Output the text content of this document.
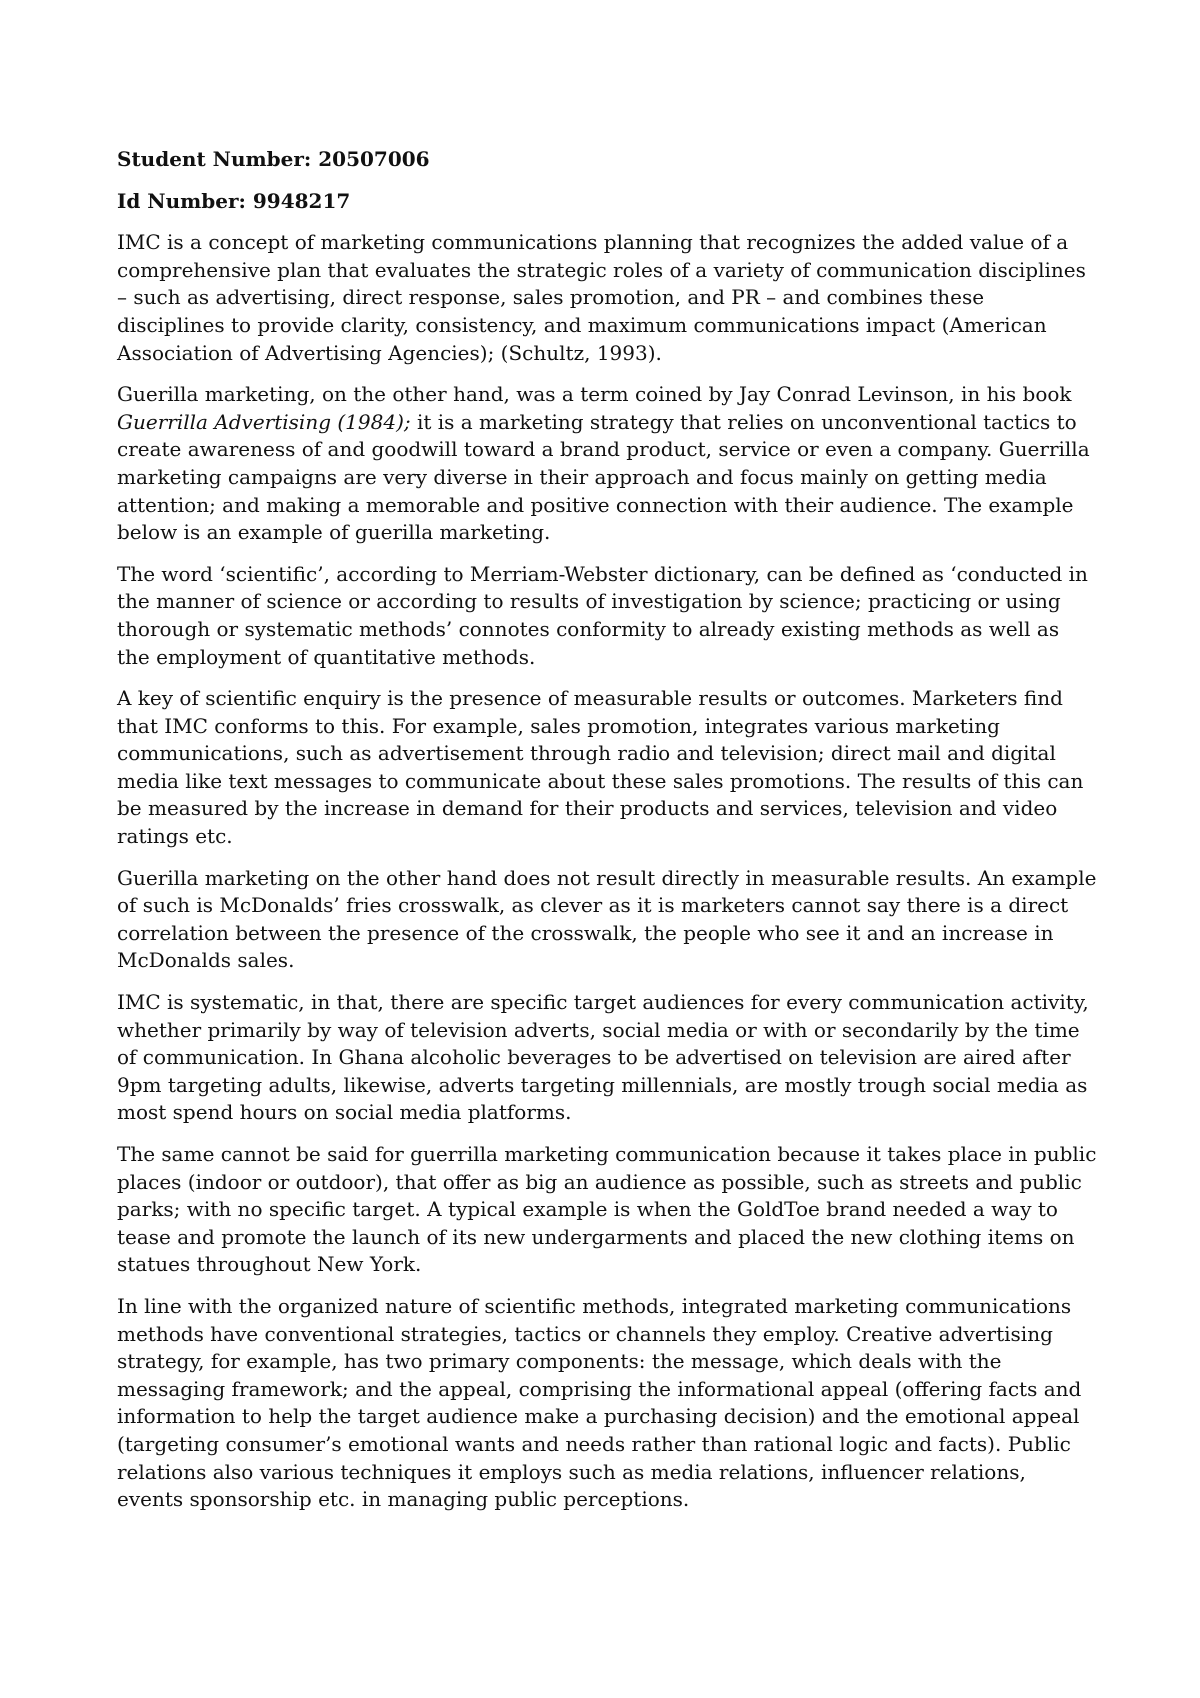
Student Number: 20507006

Id Number: 9948217

IMC is a concept of marketing communications planning that recognizes the added value of a comprehensive plan that evaluates the strategic roles of a variety of communication disciplines – such as advertising, direct response, sales promotion, and PR – and combines these disciplines to provide clarity, consistency, and maximum communications impact (American Association of Advertising Agencies); (Schultz, 1993).

Guerilla marketing, on the other hand, was a term coined by Jay Conrad Levinson, in his book Guerrilla Advertising (1984); it is a marketing strategy that relies on unconventional tactics to create awareness of and goodwill toward a brand product, service or even a company. Guerrilla marketing campaigns are very diverse in their approach and focus mainly on getting media attention; and making a memorable and positive connection with their audience. The example below is an example of guerilla marketing.

The word ‘scientific’, according to Merriam-Webster dictionary, can be defined as ‘conducted in the manner of science or according to results of investigation by science; practicing or using thorough or systematic methods’ connotes conformity to already existing methods as well as the employment of quantitative methods.

A key of scientific enquiry is the presence of measurable results or outcomes. Marketers find that IMC conforms to this. For example, sales promotion, integrates various marketing communications, such as advertisement through radio and television; direct mail and digital media like text messages to communicate about these sales promotions. The results of this can be measured by the increase in demand for their products and services, television and video ratings etc.

Guerilla marketing on the other hand does not result directly in measurable results. An example of such is McDonalds’ fries crosswalk, as clever as it is marketers cannot say there is a direct correlation between the presence of the crosswalk, the people who see it and an increase in McDonalds sales.

IMC is systematic, in that, there are specific target audiences for every communication activity, whether primarily by way of television adverts, social media or with or secondarily by the time of communication. In Ghana alcoholic beverages to be advertised on television are aired after 9pm targeting adults, likewise, adverts targeting millennials, are mostly trough social media as most spend hours on social media platforms.

The same cannot be said for guerrilla marketing communication because it takes place in public places (indoor or outdoor), that offer as big an audience as possible, such as streets and public parks; with no specific target. A typical example is when the GoldToe brand needed a way to tease and promote the launch of its new undergarments and placed the new clothing items on statues throughout New York.

In line with the organized nature of scientific methods, integrated marketing communications methods have conventional strategies, tactics or channels they employ. Creative advertising strategy, for example, has two primary components: the message, which deals with the messaging framework; and the appeal, comprising the informational appeal (offering facts and information to help the target audience make a purchasing decision) and the emotional appeal (targeting consumer’s emotional wants and needs rather than rational logic and facts). Public relations also various techniques it employs such as media relations, influencer relations, events sponsorship etc. in managing public perceptions.
